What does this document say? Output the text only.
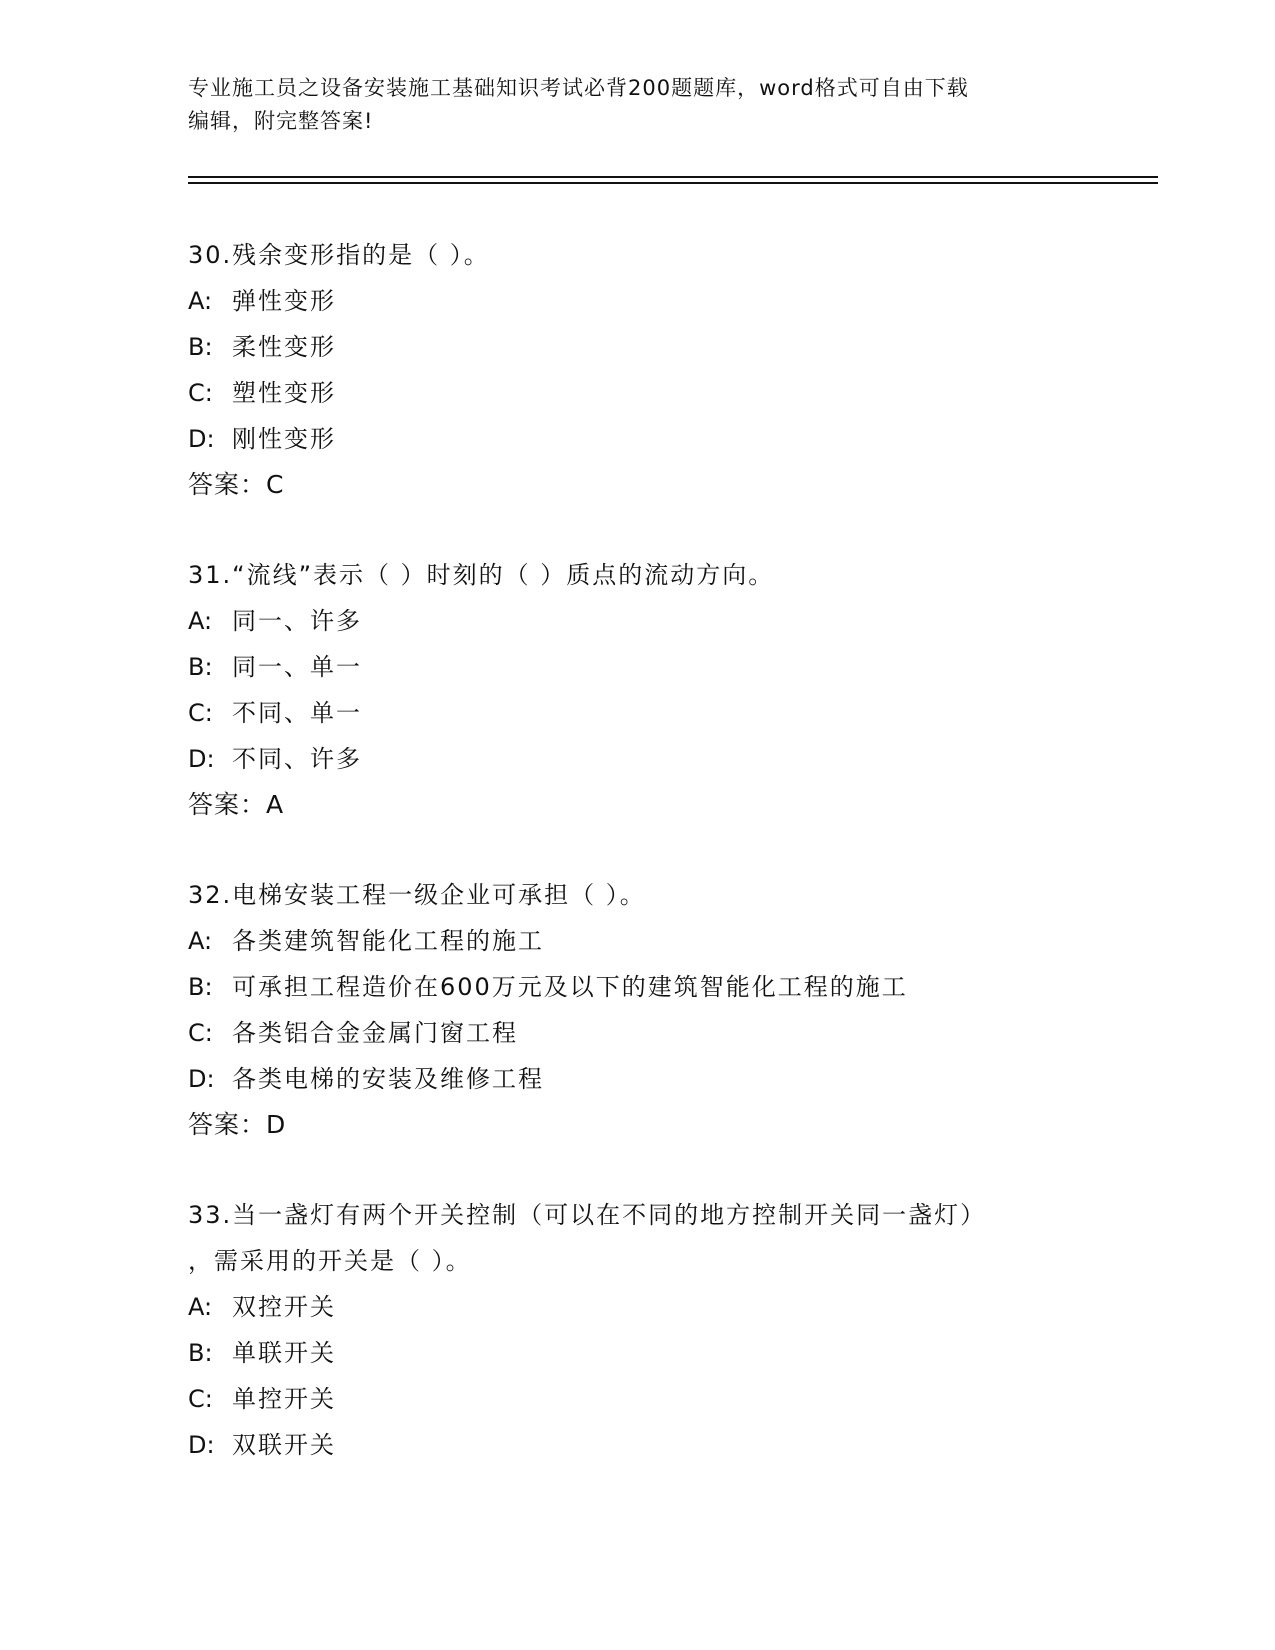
专业施工员之设备安装施工基础知识考试必背200题题库，word格式可自由下载
编辑，附完整答案!
30.残余变形指的是（ ）。
A: 弹性变形
B: 柔性变形
C: 塑性变形
D: 刚性变形
答案：C
31.“流线”表示（ ）时刻的（ ）质点的流动方向。
A: 同一、许多
B: 同一、单一
C: 不同、单一
D: 不同、许多
答案：A
32.电梯安装工程一级企业可承担（ ）。
A: 各类建筑智能化工程的施工
B: 可承担工程造价在600万元及以下的建筑智能化工程的施工
C: 各类铝合金金属门窗工程
D: 各类电梯的安装及维修工程
答案：D
33.当一盏灯有两个开关控制（可以在不同的地方控制开关同一盏灯）
，需采用的开关是（ ）。
A: 双控开关
B: 单联开关
C: 单控开关
D: 双联开关
